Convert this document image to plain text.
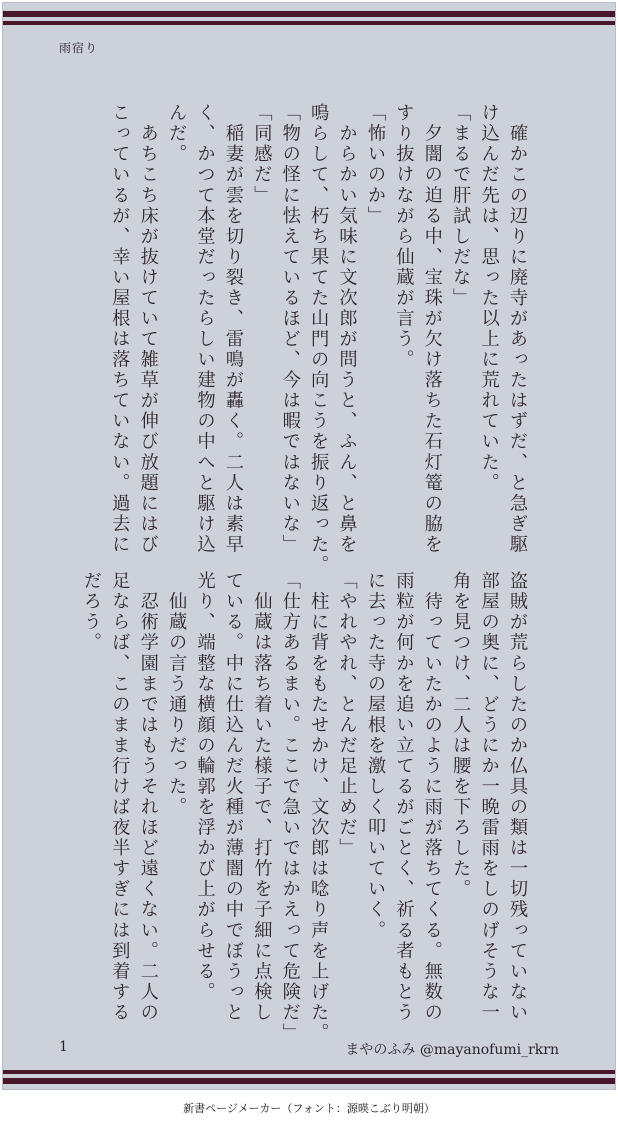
雨宿り

　確かこの辺りに廃寺があったはずだ、と急ぎ駆

け込んだ先は、思った以上に荒れていた。

「まるで肝試しだな」

　夕闇の迫る中、宝珠が欠け落ちた石灯篭の脇を

すり抜けながら仙蔵が言う。

「怖いのか」

　からかい気味に文次郎が問うと、ふん、と鼻を

鳴らして、朽ち果てた山門の向こうを振り返った。

「物の怪に怯えているほど、今は暇ではないな」

「同感だ」

　稲妻が雲を切り裂き、雷鳴が轟く。二人は素早

く、かつて本堂だったらしい建物の中へと駆け込

んだ。

　あちこち床が抜けていて雑草が伸び放題にはび

こっているが、幸い屋根は落ちていない。過去に

盗賊が荒らしたのか仏具の類は一切残っていない

部屋の奥に、どうにか一晩雷雨をしのげそうな一

角を見つけ、二人は腰を下ろした。

　待っていたかのように雨が落ちてくる。無数の

雨粒が何かを追い立てるがごとく、祈る者もとう

に去った寺の屋根を激しく叩いていく。

「やれやれ、とんだ足止めだ」

　柱に背をもたせかけ、文次郎は唸り声を上げた。

「仕方あるまい。ここで急いではかえって危険だ」

　仙蔵は落ち着いた様子で、打竹を子細に点検し

ている。中に仕込んだ火種が薄闇の中でぼうっと

光り、端整な横顔の輪郭を浮かび上がらせる。

　仙蔵の言う通りだった。

　忍術学園まではもうそれほど遠くない。二人の

足ならば、このまま行けば夜半すぎには到着する

だろう。

1	まやのふみ @mayanofumi_rkrn
新書ページメーカー（フォント：源暎こぶり明朝）
